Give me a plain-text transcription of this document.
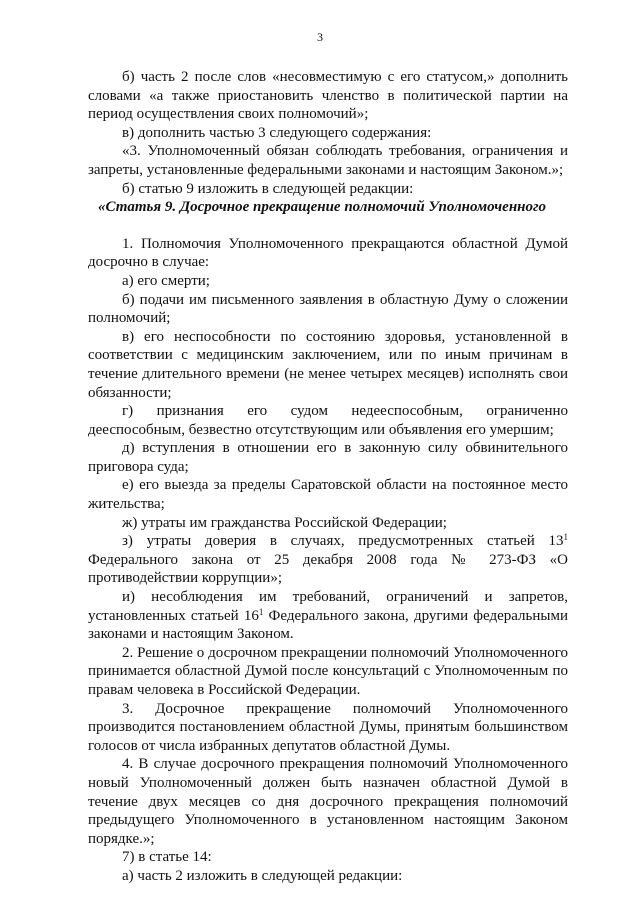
3

б) часть 2 после слов «несовместимую с его статусом,» дополнить словами «а также приостановить членство в политической партии на период осуществления своих полномочий»;

в) дополнить частью 3 следующего содержания:

«3. Уполномоченный обязан соблюдать требования, ограничения и запреты, установленные федеральными законами и настоящим Законом.»;

б) статью 9 изложить в следующей редакции:

«Статья 9. Досрочное прекращение полномочий Уполномоченного

1. Полномочия Уполномоченного прекращаются областной Думой досрочно в случае:

а) его смерти;

б) подачи им письменного заявления в областную Думу о сложении полномочий;

в) его неспособности по состоянию здоровья, установленной в соответствии с медицинским заключением, или по иным причинам в течение длительного времени (не менее четырех месяцев) исполнять свои обязанности;

г) признания его судом недееспособным, ограниченно дееспособным, безвестно отсутствующим или объявления его умершим;

д) вступления в отношении его в законную силу обвинительного приговора суда;

е) его выезда за пределы Саратовской области на постоянное место жительства;

ж) утраты им гражданства Российской Федерации;

з) утраты доверия в случаях, предусмотренных статьей $13^1$ Федерального закона от 25 декабря 2008 года № 273-ФЗ «О противодействии коррупции»;

и) несоблюдения им требований, ограничений и запретов, установленных статьей $16^1$ Федерального закона, другими федеральными законами и настоящим Законом.

2. Решение о досрочном прекращении полномочий Уполномоченного принимается областной Думой после консультаций с Уполномоченным по правам человека в Российской Федерации.

3. Досрочное прекращение полномочий Уполномоченного производится постановлением областной Думы, принятым большинством голосов от числа избранных депутатов областной Думы.

4. В случае досрочного прекращения полномочий Уполномоченного новый Уполномоченный должен быть назначен областной Думой в течение двух месяцев со дня досрочного прекращения полномочий предыдущего Уполномоченного в установленном настоящим Законом порядке.»;

7) в статье 14:

а) часть 2 изложить в следующей редакции:
